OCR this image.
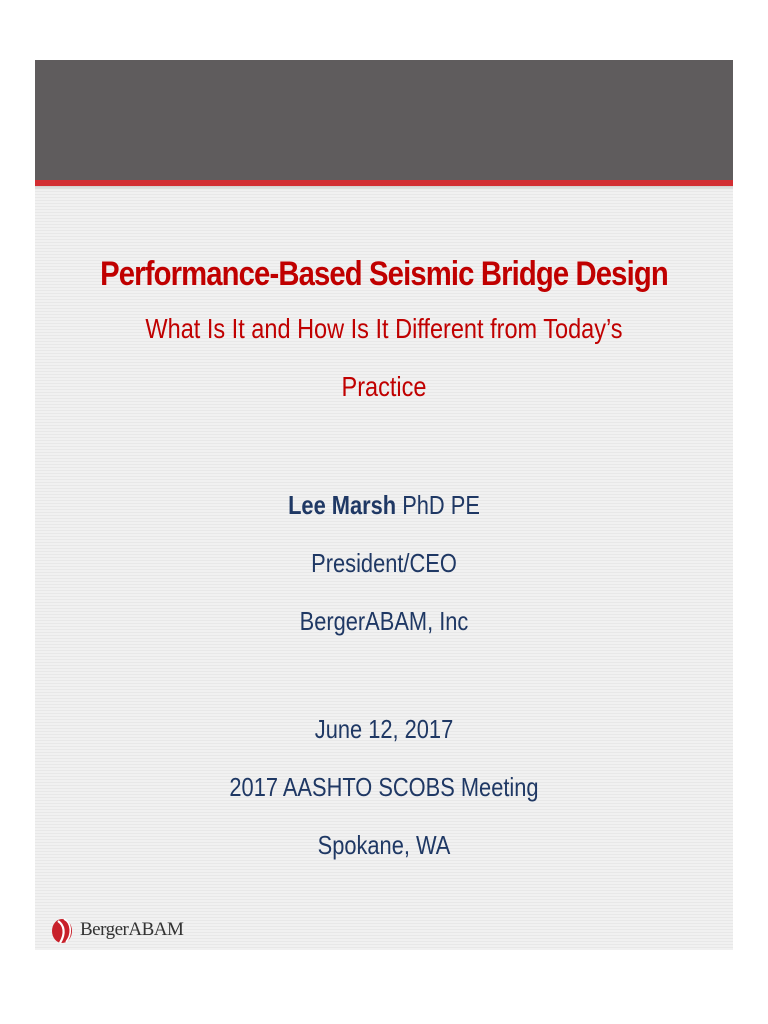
Performance-Based Seismic Bridge Design
What Is It and How Is It Different from Today’s
Practice
Lee Marsh PhD PE
President/CEO
BergerABAM, Inc
June 12, 2017
2017 AASHTO SCOBS Meeting
Spokane, WA
BergerABAM
